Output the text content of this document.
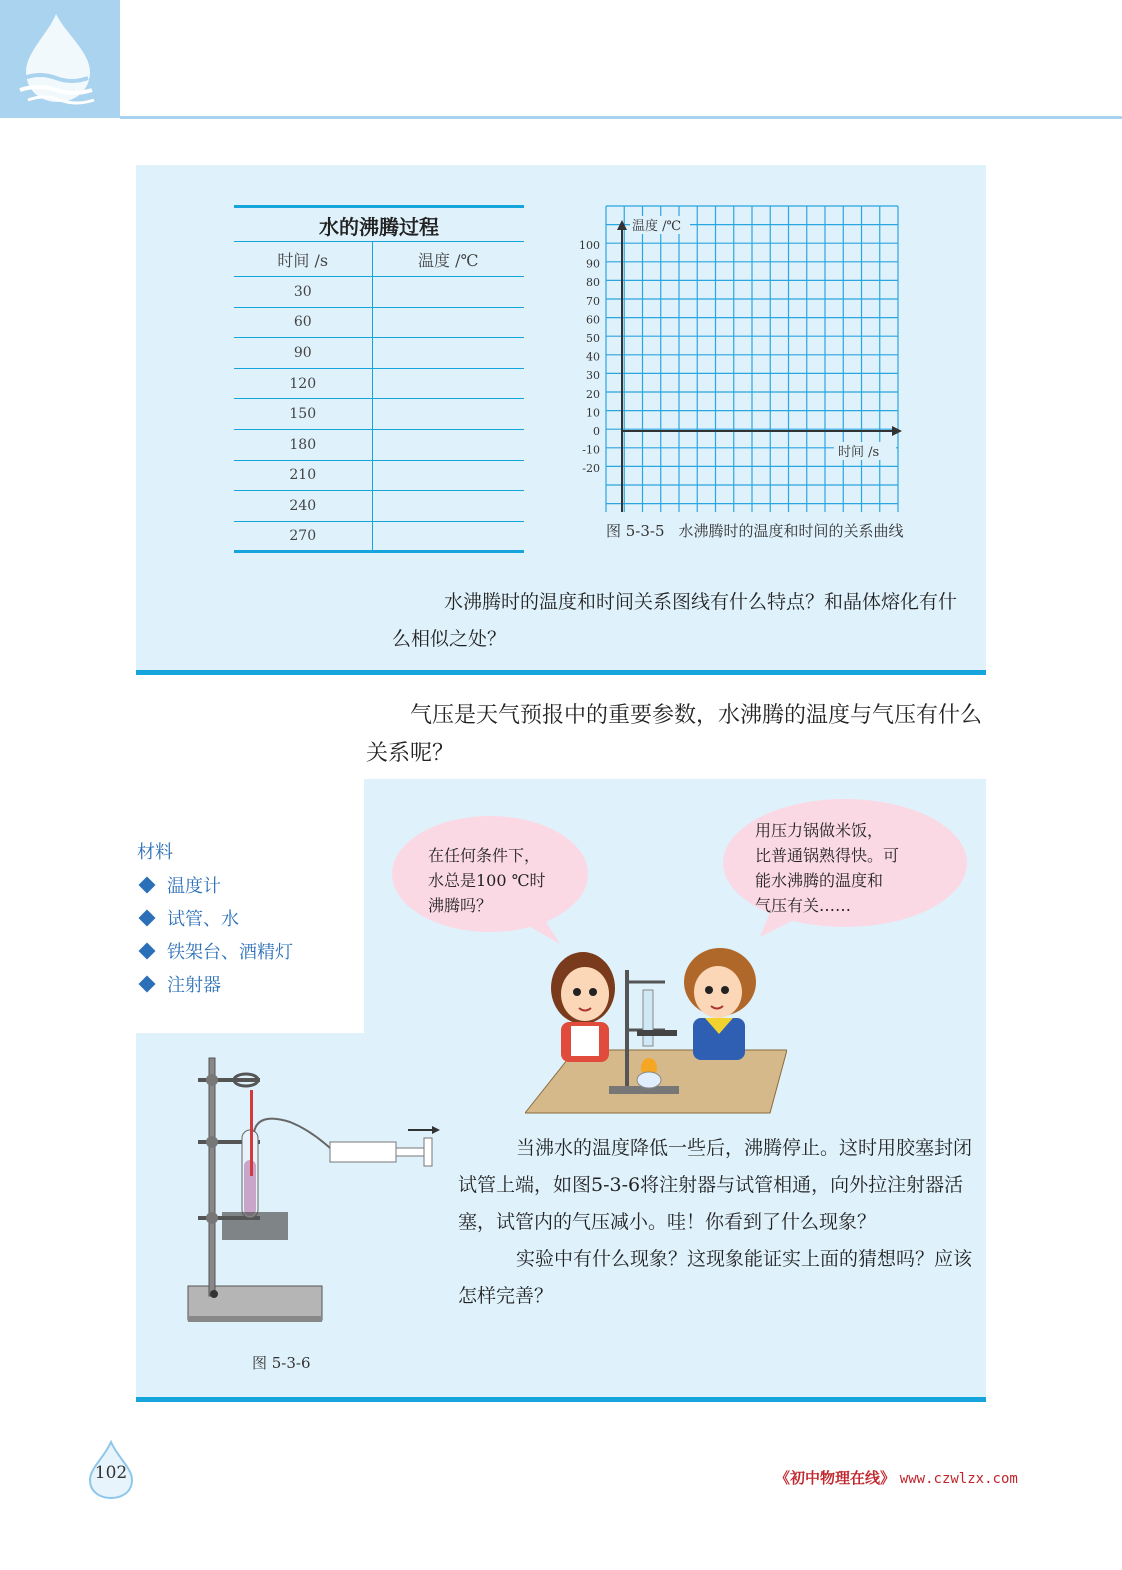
水的沸腾过程
时间 /s	温度 /℃
30	
60	
90	
120	
150	
180	
210	
240	
270	
100
90
80
70
60
50
40
30
20
10
0
-10
-20
温度 /℃
时间 /s
图 5-3-5 水沸腾时的温度和时间的关系曲线
水沸腾时的温度和时间关系图线有什么特点？和晶体熔化有什么相似之处？
气压是天气预报中的重要参数，水沸腾的温度与气压有什么关系呢？
材料
温度计
试管、水
铁架台、酒精灯
注射器
在任何条件下，
水总是100 ℃时
沸腾吗？
用压力锅做米饭，
比普通锅熟得快。可
能水沸腾的温度和
气压有关……
图 5-3-6

当沸水的温度降低一些后，沸腾停止。这时用胶塞封闭试管上端，如图5-3-6将注射器与试管相通，向外拉注射器活塞，试管内的气压减小。哇！你看到了什么现象？

实验中有什么现象？这现象能证实上面的猜想吗？应该怎样完善？

102	《初中物理在线》 www.czwlzx.com
